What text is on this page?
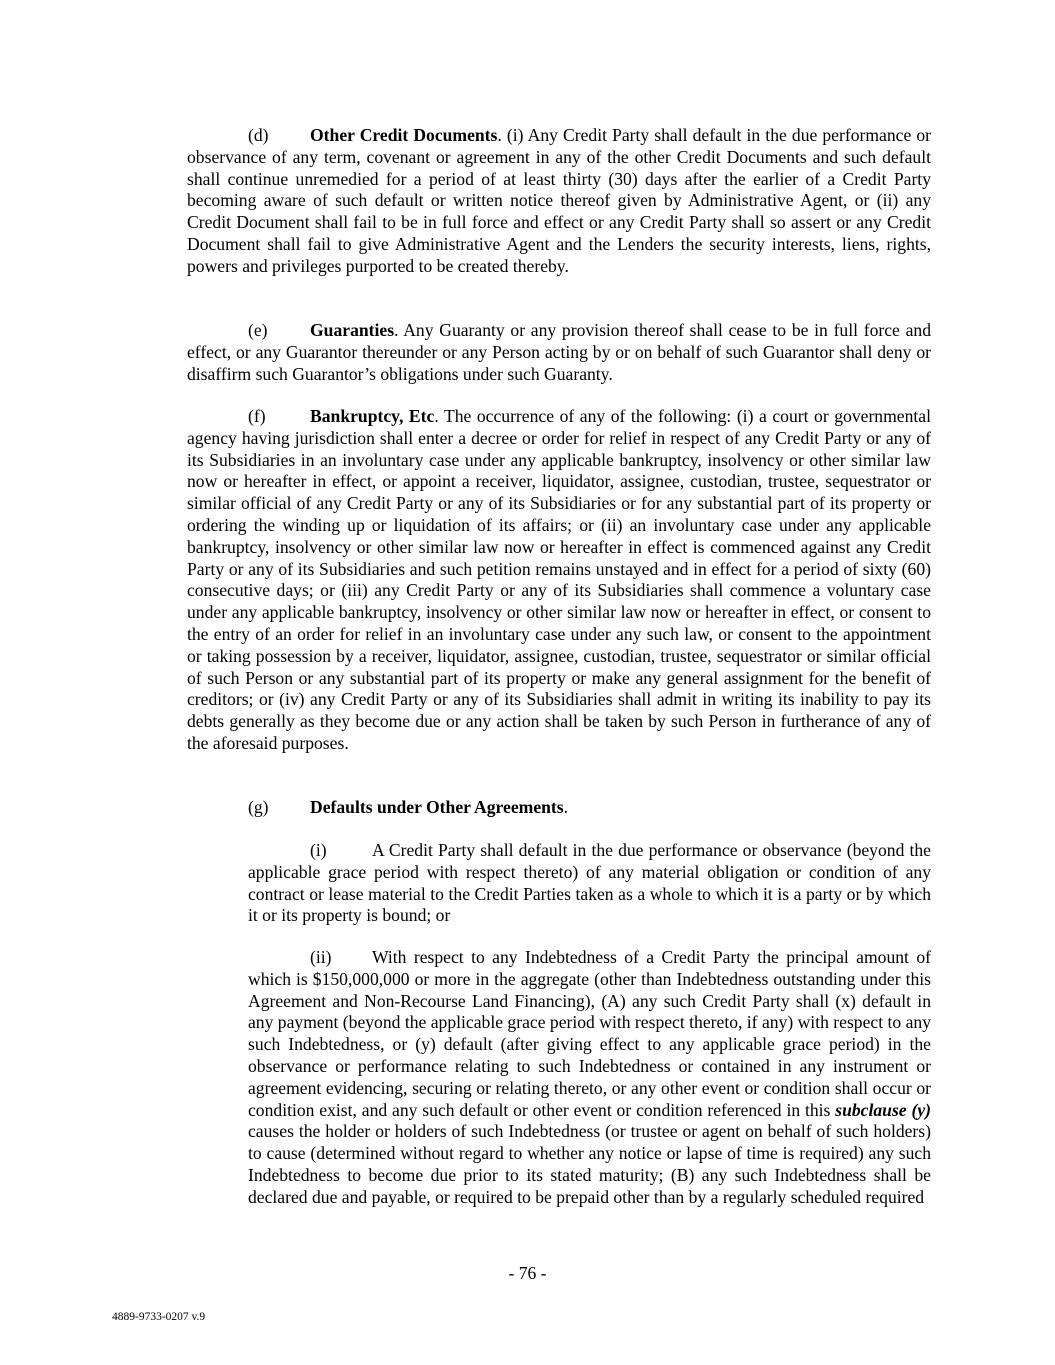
(d) Other Credit Documents. (i) Any Credit Party shall default in the due performance or observance of any term, covenant or agreement in any of the other Credit Documents and such default shall continue unremedied for a period of at least thirty (30) days after the earlier of a Credit Party becoming aware of such default or written notice thereof given by Administrative Agent, or (ii) any Credit Document shall fail to be in full force and effect or any Credit Party shall so assert or any Credit Document shall fail to give Administrative Agent and the Lenders the security interests, liens, rights, powers and privileges purported to be created thereby.

(e) Guaranties. Any Guaranty or any provision thereof shall cease to be in full force and effect, or any Guarantor thereunder or any Person acting by or on behalf of such Guarantor shall deny or disaffirm such Guarantor’s obligations under such Guaranty.

(f)	Bankruptcy, Etc. The occurrence of any of the following: (i) a court or governmental agency having jurisdiction shall enter a decree or order for relief in respect of any Credit Party or any of its Subsidiaries in an involuntary case under any applicable bankruptcy, insolvency or other similar law now or hereafter in effect, or appoint a receiver, liquidator, assignee, custodian, trustee, sequestrator or similar official of any Credit Party or any of its Subsidiaries or for any substantial part of its property or ordering the winding up or liquidation of its affairs; or (ii) an involuntary case under any applicable bankruptcy, insolvency or other similar law now or hereafter in effect is commenced against any Credit Party or any of its Subsidiaries and such petition remains unstayed and in effect for a period of sixty (60) consecutive days; or (iii) any Credit Party or any of its Subsidiaries shall commence a voluntary case under any applicable bankruptcy, insolvency or other similar law now or hereafter in effect, or consent to the entry of an order for relief in an involuntary case under any such law, or consent to the appointment or taking possession by a receiver, liquidator, assignee, custodian, trustee, sequestrator or similar official of such Person or any substantial part of its property or make any general assignment for the benefit of creditors; or (iv) any Credit Party or any of its Subsidiaries shall admit in writing its inability to pay its debts generally as they become due or any action shall be taken by such Person in furtherance of any of the aforesaid purposes.

(g) Defaults under Other Agreements.

(i)	A Credit Party shall default in the due performance or observance (beyond the applicable grace period with respect thereto) of any material obligation or condition of any contract or lease material to the Credit Parties taken as a whole to which it is a party or by which it or its property is bound; or

(ii) With respect to any Indebtedness of a Credit Party the principal amount of which is $150,000,000 or more in the aggregate (other than Indebtedness outstanding under this Agreement and Non-Recourse Land Financing), (A) any such Credit Party shall (x) default in any payment (beyond the applicable grace period with respect thereto, if any) with respect to any such Indebtedness, or (y) default (after giving effect to any applicable grace period) in the observance or performance relating to such Indebtedness or contained in any instrument or agreement evidencing, securing or relating thereto, or any other event or condition shall occur or condition exist, and any such default or other event or condition referenced in this subclause (y) causes the holder or holders of such Indebtedness (or trustee or agent on behalf of such holders) to cause (determined without regard to whether any notice or lapse of time is required) any such Indebtedness to become due prior to its stated maturity; (B) any such Indebtedness shall be declared due and payable, or required to be prepaid other than by a regularly scheduled required

- 76 -
4889-9733-0207 v.9
